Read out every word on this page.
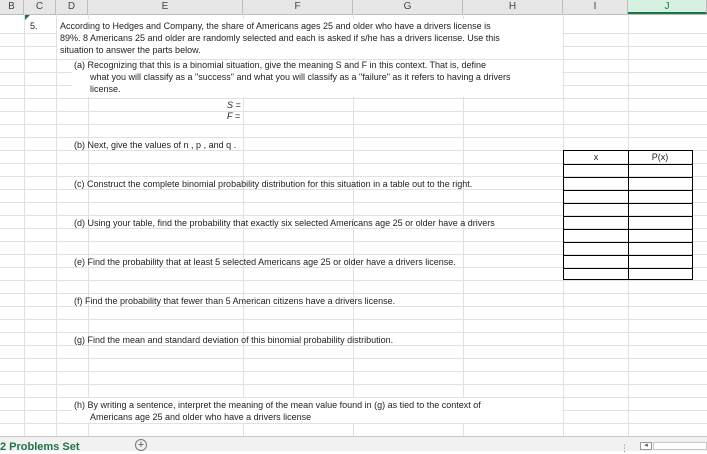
B	C	D	E	F	G	H	I	J
5. According to Hedges and Company, the share of Americans ages 25 and older who have a drivers license is
89%. 8 Americans 25 and older are randomly selected and each is asked if s/he has a drivers license. Use this
situation to answer the parts below.
(a) Recognizing that this is a binomial situation, give the meaning S and F in this context. That is, define
what you will classify as a "success" and what you will classify as a "failure" as it refers to having a drivers
license.
S =
F =
(b) Next, give the values of n , p , and q .
(c) Construct the complete binomial probability distribution for this situation in a table out to the right.
(d) Using your table, find the probability that exactly six selected Americans age 25 or older have a drivers
(e) Find the probability that at least 5 selected Americans age 25 or older have a drivers license.
(f) Find the probability that fewer than 5 American citizens have a drivers license.
(g) Find the mean and standard deviation of this binomial probability distribution.
(h) By writing a sentence, interpret the meaning of the mean value found in (g) as tied to the context of
Americans age 25 and older who have a drivers license
x	P(x)
2 Problems Set	+	⋮	◂
